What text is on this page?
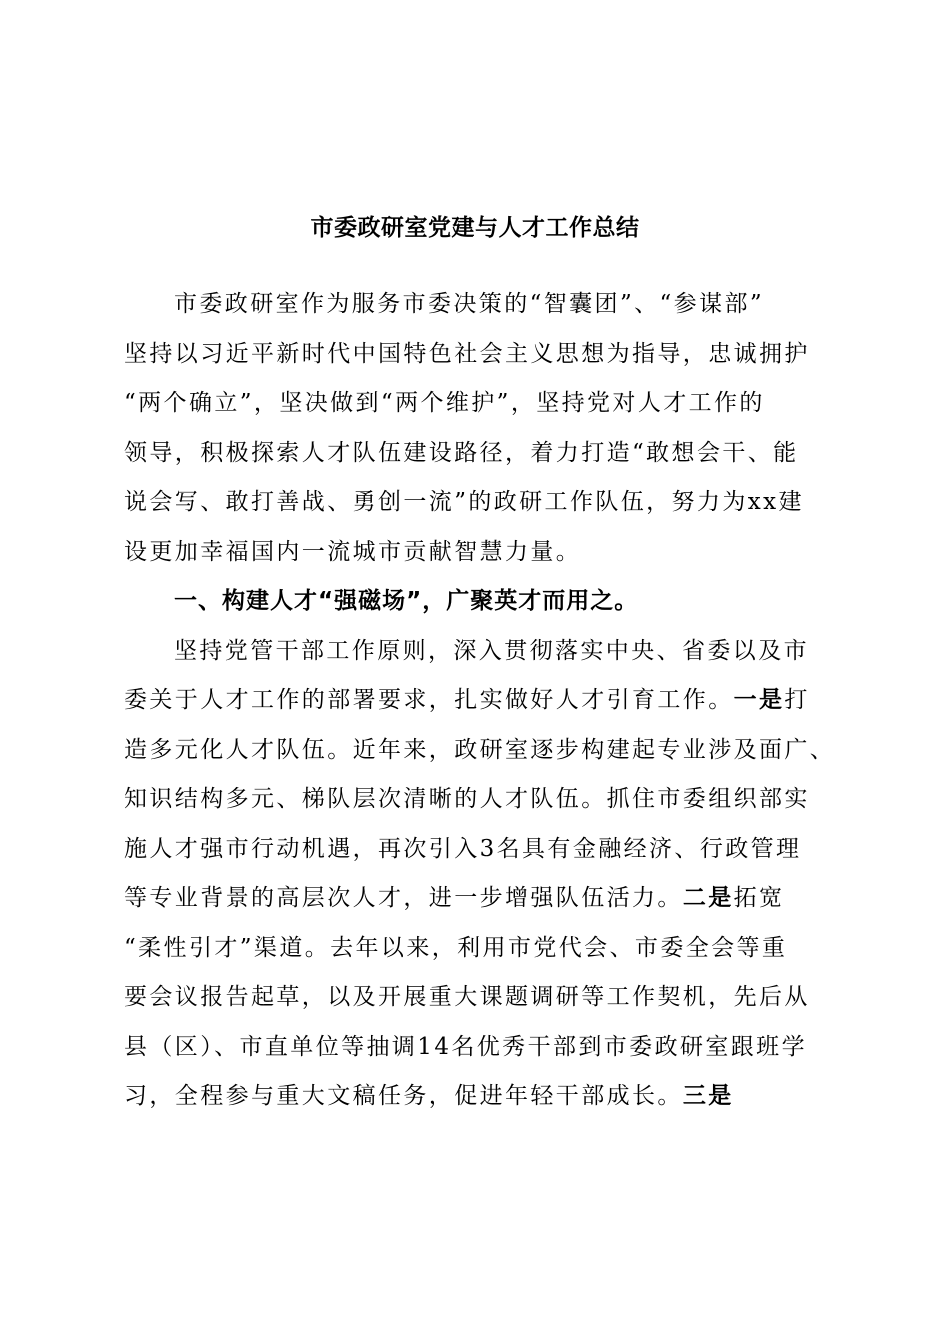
市委政研室党建与人才工作总结
市委政研室作为服务市委决策的“智囊团”、“参谋部”
坚持以习近平新时代中国特色社会主义思想为指导，忠诚拥护
“两个确立”，坚决做到“两个维护”，坚持党对人才工作的
领导，积极探索人才队伍建设路径，着力打造“敢想会干、能
说会写、敢打善战、勇创一流”的政研工作队伍，努力为xx建
设更加幸福国内一流城市贡献智慧力量。
一、构建人才“强磁场”，广聚英才而用之。
坚持党管干部工作原则，深入贯彻落实中央、省委以及市
委关于人才工作的部署要求，扎实做好人才引育工作。一是打
造多元化人才队伍。近年来，政研室逐步构建起专业涉及面广、
知识结构多元、梯队层次清晰的人才队伍。抓住市委组织部实
施人才强市行动机遇，再次引入3名具有金融经济、行政管理
等专业背景的高层次人才，进一步增强队伍活力。二是拓宽
“柔性引才”渠道。去年以来，利用市党代会、市委全会等重
要会议报告起草，以及开展重大课题调研等工作契机，先后从
县（区）、市直单位等抽调14名优秀干部到市委政研室跟班学
习，全程参与重大文稿任务，促进年轻干部成长。三是
